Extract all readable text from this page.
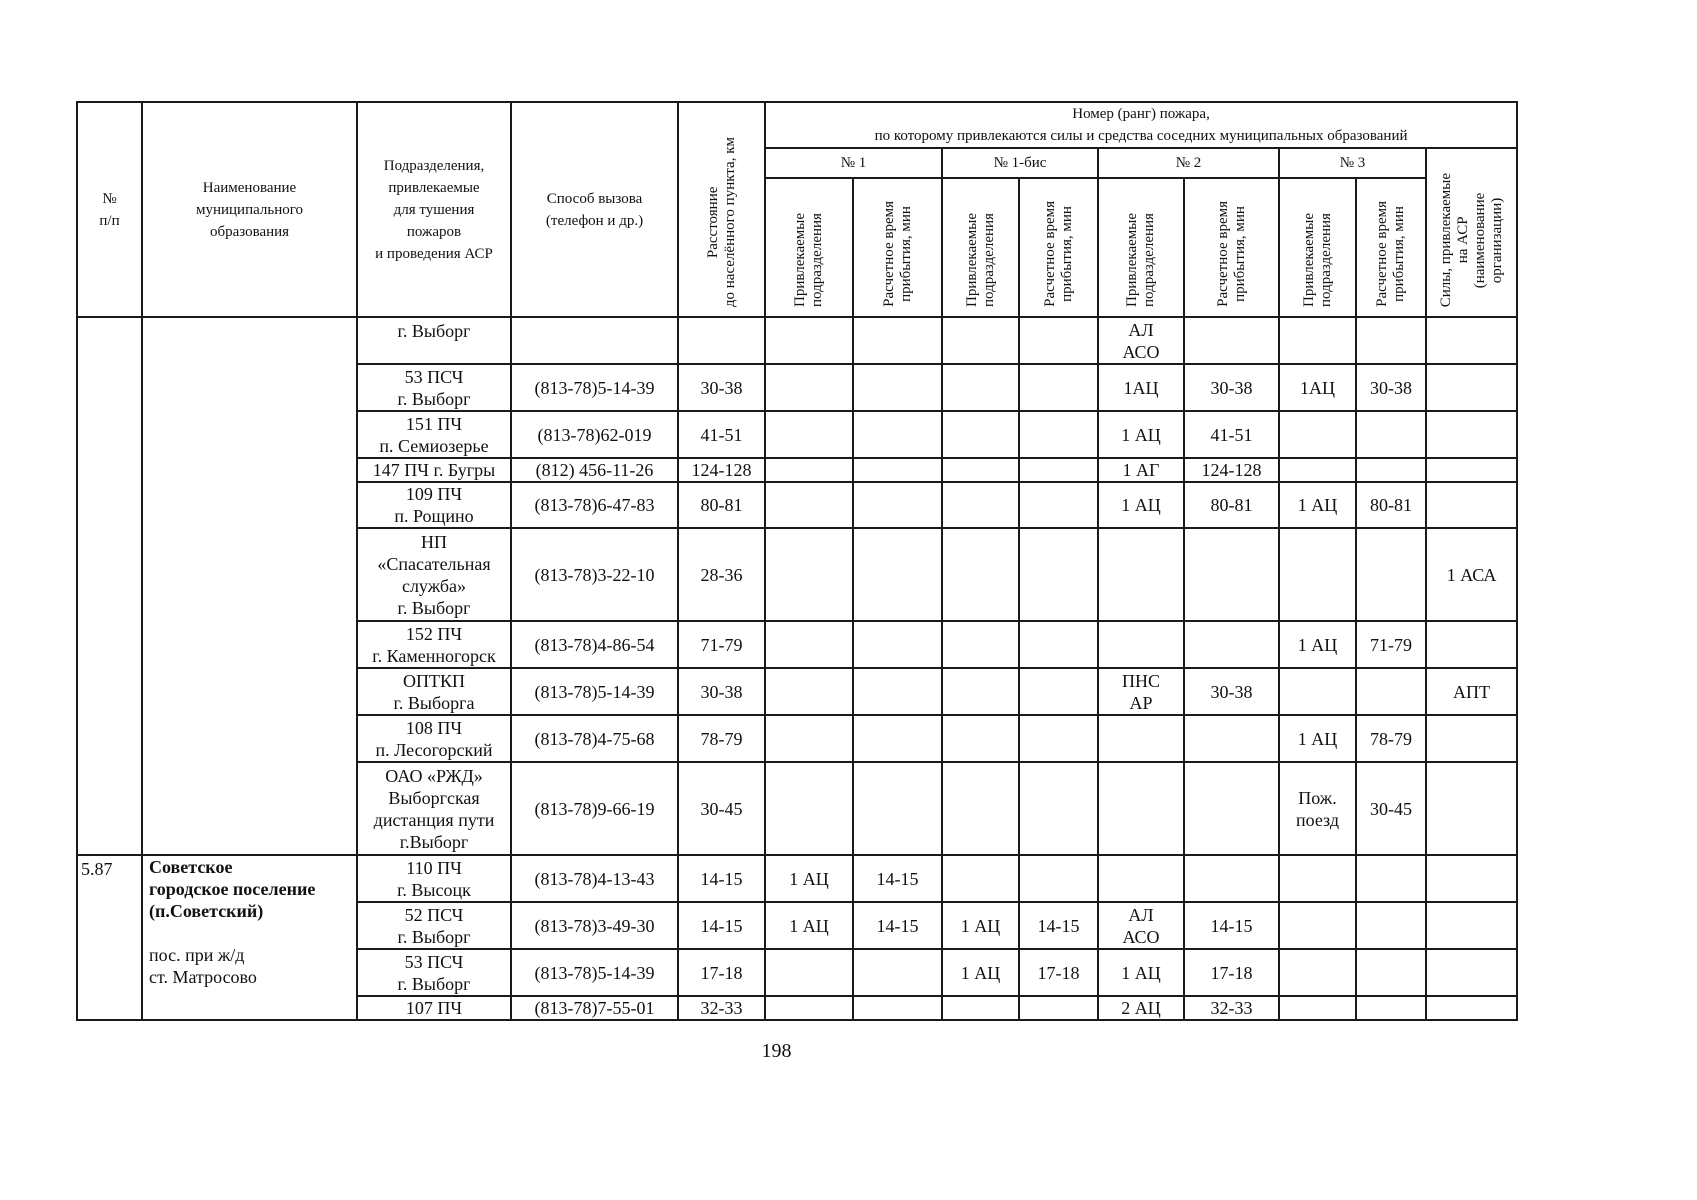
№
п/п	Наименование
муниципального
образования	Подразделения,
привлекаемые
для тушения
пожаров
и проведения АСР	Способ вызова
(телефон и др.)	Расстояние
до населённого пункта, км	Номер (ранг) пожара,
по которому привлекаются силы и средства соседних муниципальных образований								
					№ 1		№ 1-бис		№ 2		№ 3		Силы, привлекаемые
на АСР
(наименование
организации)
					Привлекаемые
подразделения	Расчетное время
прибытия, мин	Привлекаемые
подразделения	Расчетное время
прибытия, мин	Привлекаемые
подразделения	Расчетное время
прибытия, мин	Привлекаемые
подразделения	Расчетное время
прибытия, мин	
		г. Выборг							АЛ
АСО				
		53 ПСЧ
г. Выборг	(813-78)5-14-39	30-38					1АЦ	30-38	1АЦ	30-38	
		151 ПЧ
п. Семиозерье	(813-78)62-019	41-51					1 АЦ	41-51			
		147 ПЧ г. Бугры	(812) 456-11-26	124-128					1 АГ	124-128			
		109 ПЧ
п. Рощино	(813-78)6-47-83	80-81					1 АЦ	80-81	1 АЦ	80-81	
		НП
«Спасательная
служба»
г. Выборг	(813-78)3-22-10	28-36									1 АСА
		152 ПЧ
г. Каменногорск	(813-78)4-86-54	71-79							1 АЦ	71-79	
		ОПТКП
г. Выборга	(813-78)5-14-39	30-38					ПНС
АР	30-38			АПТ
		108 ПЧ
п. Лесогорский	(813-78)4-75-68	78-79							1 АЦ	78-79	
		ОАО «РЖД»
Выборгская
дистанция пути
г.Выборг	(813-78)9-66-19	30-45							Пож.
поезд	30-45	
5.87	Советское
городское поселение
(п.Советский)
пос. при ж/д
ст. Матросово	110 ПЧ
г. Высоцк	(813-78)4-13-43	14-15	1 АЦ	14-15							
		52 ПСЧ
г. Выборг	(813-78)3-49-30	14-15	1 АЦ	14-15	1 АЦ	14-15	АЛ
АСО	14-15			
		53 ПСЧ
г. Выборг	(813-78)5-14-39	17-18			1 АЦ	17-18	1 АЦ	17-18			
		107 ПЧ	(813-78)7-55-01	32-33					2 АЦ	32-33			
198
